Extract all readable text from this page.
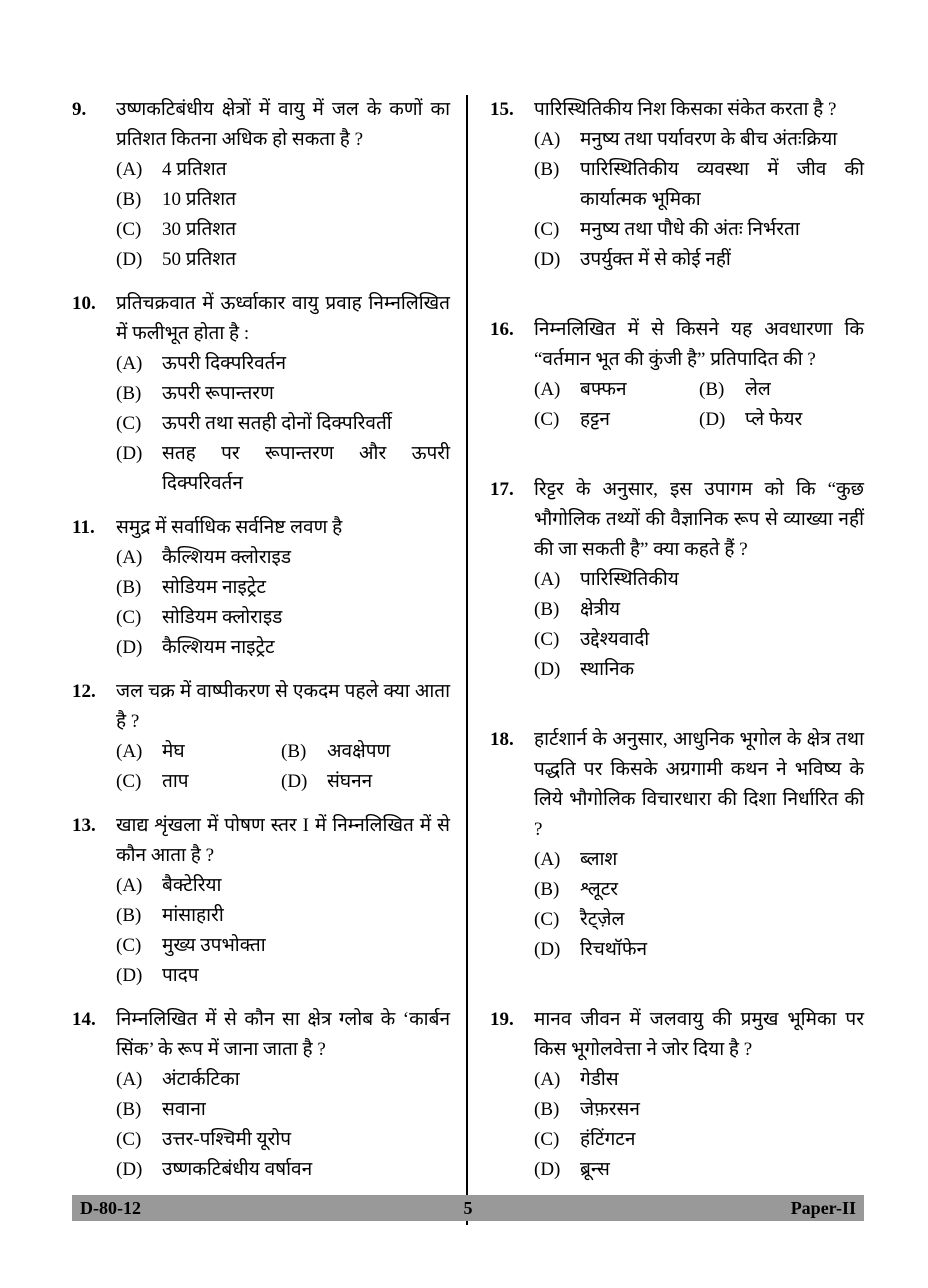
9.	उष्णकटिबंधीय क्षेत्रों में वायु में जल के कणों का प्रतिशत कितना अधिक हो सकता है ?
(A)	4 प्रतिशत
(B)	10 प्रतिशत
(C)	30 प्रतिशत
(D)	50 प्रतिशत
10.	प्रतिचक्रवात में ऊर्ध्वाकार वायु प्रवाह निम्नलिखित में फलीभूत होता है :
(A)	ऊपरी दिक्परिवर्तन
(B)	ऊपरी रूपान्तरण
(C)	ऊपरी तथा सतही दोनों दिक्परिवर्ती
(D)	सतह पर रूपान्तरण और ऊपरी दिक्परिवर्तन
11.	समुद्र में सर्वाधिक सर्वनिष्ट लवण है
(A)	कैल्शियम क्लोराइड
(B)	सोडियम नाइट्रेट
(C)	सोडियम क्लोराइड
(D)	कैल्शियम नाइट्रेट
12.	जल चक्र में वाष्पीकरण से एकदम पहले क्या आता है ?
(A)	मेघ	(B)	अवक्षेपण
(C)	ताप	(D)	संघनन
13.	खाद्य शृंखला में पोषण स्तर I में निम्नलिखित में से कौन आता है ?
(A)	बैक्टेरिया
(B)	मांसाहारी
(C)	मुख्य उपभोक्ता
(D)	पादप
14.	निम्नलिखित में से कौन सा क्षेत्र ग्लोब के ‘कार्बन सिंक’ के रूप में जाना जाता है ?
(A)	अंटार्कटिका
(B)	सवाना
(C)	उत्तर-पश्चिमी यूरोप
(D)	उष्णकटिबंधीय वर्षावन
15.	पारिस्थितिकीय निश किसका संकेत करता है ?
(A)	मनुष्य तथा पर्यावरण के बीच अंतःक्रिया
(B)	पारिस्थितिकीय व्यवस्था में जीव की कार्यात्मक भूमिका
(C)	मनुष्य तथा पौधे की अंतः निर्भरता
(D)	उपर्युक्त में से कोई नहीं
16.	निम्नलिखित में से किसने यह अवधारणा कि “वर्तमान भूत की कुंजी है” प्रतिपादित की ?
(A)	बफ्फन	(B)	लेल
(C)	हट्टन	(D)	प्ले फेयर
17.	रिट्टर के अनुसार, इस उपागम को कि “कुछ भौगोलिक तथ्यों की वैज्ञानिक रूप से व्याख्या नहीं की जा सकती है” क्या कहते हैं ?
(A)	पारिस्थितिकीय
(B)	क्षेत्रीय
(C)	उद्देश्यवादी
(D)	स्थानिक
18.	हार्टशार्न के अनुसार, आधुनिक भूगोल के क्षेत्र तथा पद्धति पर किसके अग्रगामी कथन ने भविष्य के लिये भौगोलिक विचारधारा की दिशा निर्धारित की ?
(A)	ब्लाश
(B)	श्लूटर
(C)	रैट्ज़ेल
(D)	रिचथॉफेन
19.	मानव जीवन में जलवायु की प्रमुख भूमिका पर किस भूगोलवेत्ता ने जोर दिया है ?
(A)	गेडीस
(B)	जेफ़रसन
(C)	हंटिंगटन
(D)	ब्रून्स
D-80-12	5	Paper-II
